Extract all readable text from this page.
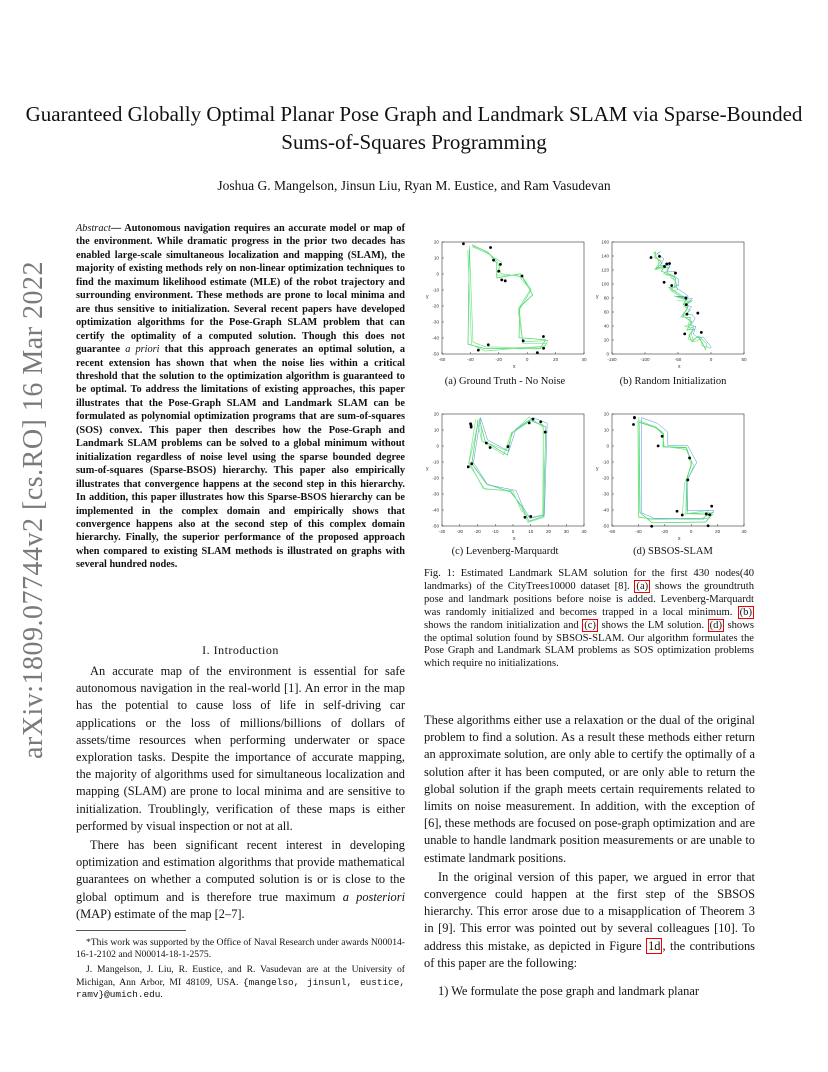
arXiv:1809.07744v2 [cs.RO] 16 Mar 2022
Guaranteed Globally Optimal Planar Pose Graph and Landmark SLAM via Sparse-Bounded Sums-of-Squares Programming
Joshua G. Mangelson, Jinsun Liu, Ryan M. Eustice, and Ram Vasudevan
Abstract— Autonomous navigation requires an accurate model or map of the environment. While dramatic progress in the prior two decades has enabled large-scale simultaneous localization and mapping (SLAM), the majority of existing methods rely on non-linear optimization techniques to find the maximum likelihood estimate (MLE) of the robot trajectory and surrounding environment. These methods are prone to local minima and are thus sensitive to initialization. Several recent papers have developed optimization algorithms for the Pose-Graph SLAM problem that can certify the optimality of a computed solution. Though this does not guarantee a priori that this approach generates an optimal solution, a recent extension has shown that when the noise lies within a critical threshold that the solution to the optimization algorithm is guaranteed to be optimal. To address the limitations of existing approaches, this paper illustrates that the Pose-Graph SLAM and Landmark SLAM can be formulated as polynomial optimization programs that are sum-of-squares (SOS) convex. This paper then describes how the Pose-Graph and Landmark SLAM problems can be solved to a global minimum without initialization regardless of noise level using the sparse bounded degree sum-of-squares (Sparse-BSOS) hierarchy. This paper also empirically illustrates that convergence happens at the second step in this hierarchy. In addition, this paper illustrates how this Sparse-BSOS hierarchy can be implemented in the complex domain and empirically shows that convergence happens also at the second step of this complex domain hierarchy. Finally, the superior performance of the proposed approach when compared to existing SLAM methods is illustrated on graphs with several hundred nodes.
I. Introduction

An accurate map of the environment is essential for safe autonomous navigation in the real-world [1]. An error in the map has the potential to cause loss of life in self-driving car applications or the loss of millions/billions of dollars of assets/time resources when performing underwater or space exploration tasks. Despite the importance of accurate mapping, the majority of algorithms used for simultaneous localization and mapping (SLAM) are prone to local minima and are sensitive to initialization. Troublingly, verification of these maps is either performed by visual inspection or not at all.

There has been significant recent interest in developing optimization and estimation algorithms that provide mathematical guarantees on whether a computed solution is or is close to the global optimum and is therefore true maximum a posteriori (MAP) estimate of the map [2–7].

*This work was supported by the Office of Naval Research under awards N00014-16-1-2102 and N00014-18-1-2575.

J. Mangelson, J. Liu, R. Eustice, and R. Vasudevan are at the University of Michigan, Ann Arbor, MI 48109, USA. {mangelso, jinsunl, eustice, ramv}@umich.edu.

y
x
-60	-40	-20	0	20	40
20
10
0
-10
-20
-30
-40
-50
(a) Ground Truth - No Noise
y
x
-150	-100	-50	0	50
160
140
120
100
80
60
40
20
0
(b) Random Initialization
y
x
-40 -30 -20 -10	0	10	20	30	40
20
10
0
-10
-20
-30
-40
-50
(c) Levenberg-Marquardt
y
x
-60	-40	-20	0	20	40
20
10
0
-10
-20
-30
-40
-50
(d) SBSOS-SLAM
Fig. 1: Estimated Landmark SLAM solution for the first 430 nodes(40 landmarks) of the CityTrees10000 dataset [8]. (a) shows the groundtruth pose and landmark positions before noise is added. Levenberg-Marquardt was randomly initialized and becomes trapped in a local minimum. (b) shows the random initialization and (c) shows the LM solution. (d) shows the optimal solution found by SBSOS-SLAM. Our algorithm formulates the Pose Graph and Landmark SLAM problems as SOS optimization problems which require no initializations.

These algorithms either use a relaxation or the dual of the original problem to find a solution. As a result these methods either return an approximate solution, are only able to certify the optimally of a solution after it has been computed, or are only able to return the global solution if the graph meets certain requirements related to limits on noise measurement. In addition, with the exception of [6], these methods are focused on pose-graph optimization and are unable to handle landmark position measurements or are unable to estimate landmark positions.

In the original version of this paper, we argued in error that convergence could happen at the first step of the SBSOS hierarchy. This error arose due to a misapplication of Theorem 3 in [9]. This error was pointed out by several colleagues [10]. To address this mistake, as depicted in Figure 1d , the contributions of this paper are the following:

1) We formulate the pose graph and landmark planar
